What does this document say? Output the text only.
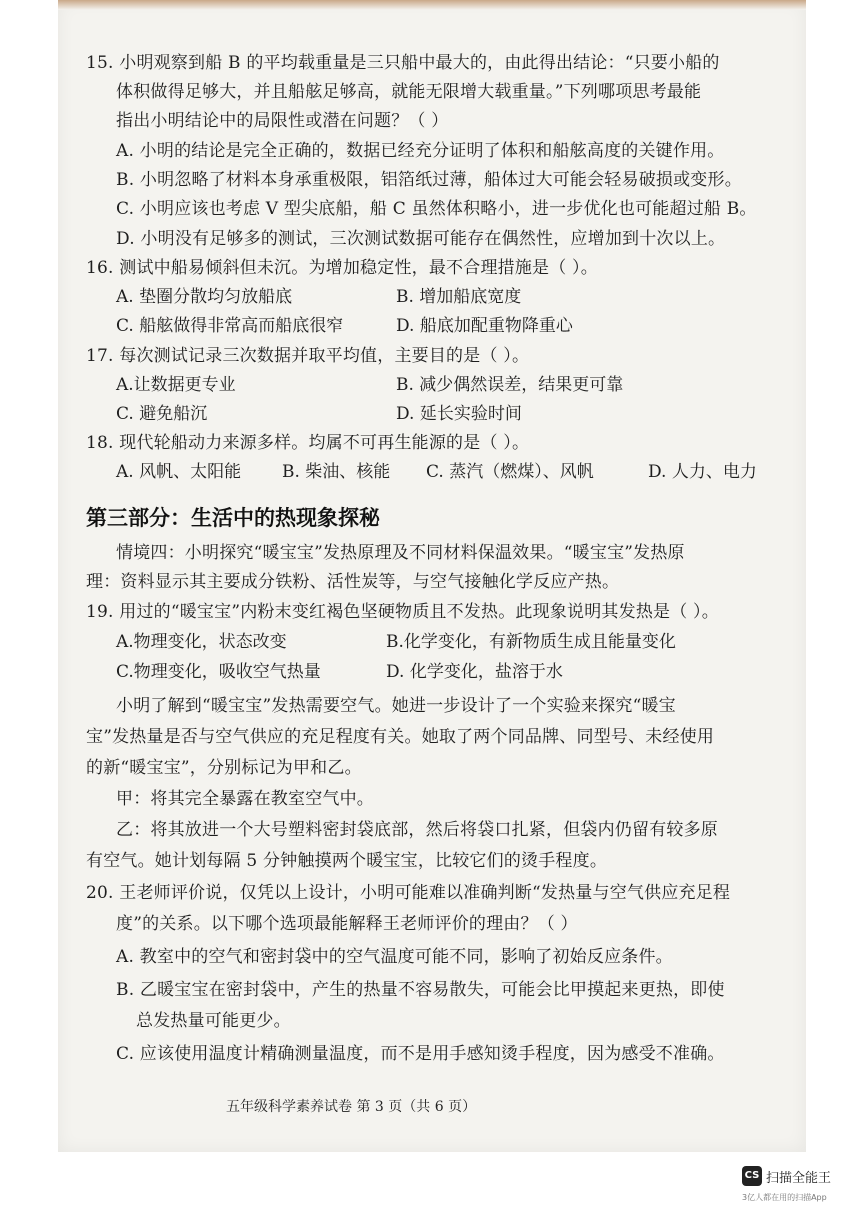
15. 小明观察到船 B 的平均载重量是三只船中最大的，由此得出结论：“只要小船的
体积做得足够大，并且船舷足够高，就能无限增大载重量。”下列哪项思考最能
指出小明结论中的局限性或潜在问题？（ ）
A. 小明的结论是完全正确的，数据已经充分证明了体积和船舷高度的关键作用。
B. 小明忽略了材料本身承重极限，铝箔纸过薄，船体过大可能会轻易破损或变形。
C. 小明应该也考虑 V 型尖底船，船 C 虽然体积略小，进一步优化也可能超过船 B。
D. 小明没有足够多的测试，三次测试数据可能存在偶然性，应增加到十次以上。
16. 测试中船易倾斜但未沉。为增加稳定性，最不合理措施是（ ）。
A. 垫圈分散均匀放船底	B. 增加船底宽度
C. 船舷做得非常高而船底很窄	D. 船底加配重物降重心
17. 每次测试记录三次数据并取平均值，主要目的是（ ）。
A.让数据更专业	B. 减少偶然误差，结果更可靠
C. 避免船沉	D. 延长实验时间
18. 现代轮船动力来源多样。均属不可再生能源的是（ ）。
A. 风帆、太阳能 B. 柴油、核能 C. 蒸汽（燃煤）、风帆	D. 人力、电力
第三部分：生活中的热现象探秘
情境四：小明探究“暖宝宝”发热原理及不同材料保温效果。“暖宝宝”发热原
理：资料显示其主要成分铁粉、活性炭等，与空气接触化学反应产热。
19. 用过的“暖宝宝”内粉末变红褐色坚硬物质且不发热。此现象说明其发热是（ ）。
A.物理变化，状态改变	B.化学变化，有新物质生成且能量变化
C.物理变化，吸收空气热量	D. 化学变化，盐溶于水
小明了解到“暖宝宝”发热需要空气。她进一步设计了一个实验来探究“暖宝
宝”发热量是否与空气供应的充足程度有关。她取了两个同品牌、同型号、未经使用
的新“暖宝宝”，分别标记为甲和乙。
甲：将其完全暴露在教室空气中。
乙：将其放进一个大号塑料密封袋底部，然后将袋口扎紧，但袋内仍留有较多原
有空气。她计划每隔 5 分钟触摸两个暖宝宝，比较它们的烫手程度。
20. 王老师评价说，仅凭以上设计，小明可能难以准确判断“发热量与空气供应充足程
度”的关系。以下哪个选项最能解释王老师评价的理由？（ ）
A. 教室中的空气和密封袋中的空气温度可能不同，影响了初始反应条件。
B. 乙暖宝宝在密封袋中，产生的热量不容易散失，可能会比甲摸起来更热，即使
总发热量可能更少。
C. 应该使用温度计精确测量温度，而不是用手感知烫手程度，因为感受不准确。
五年级科学素养试卷 第 3 页（共 6 页）
CS 扫描全能王
3亿人都在用的扫描App
